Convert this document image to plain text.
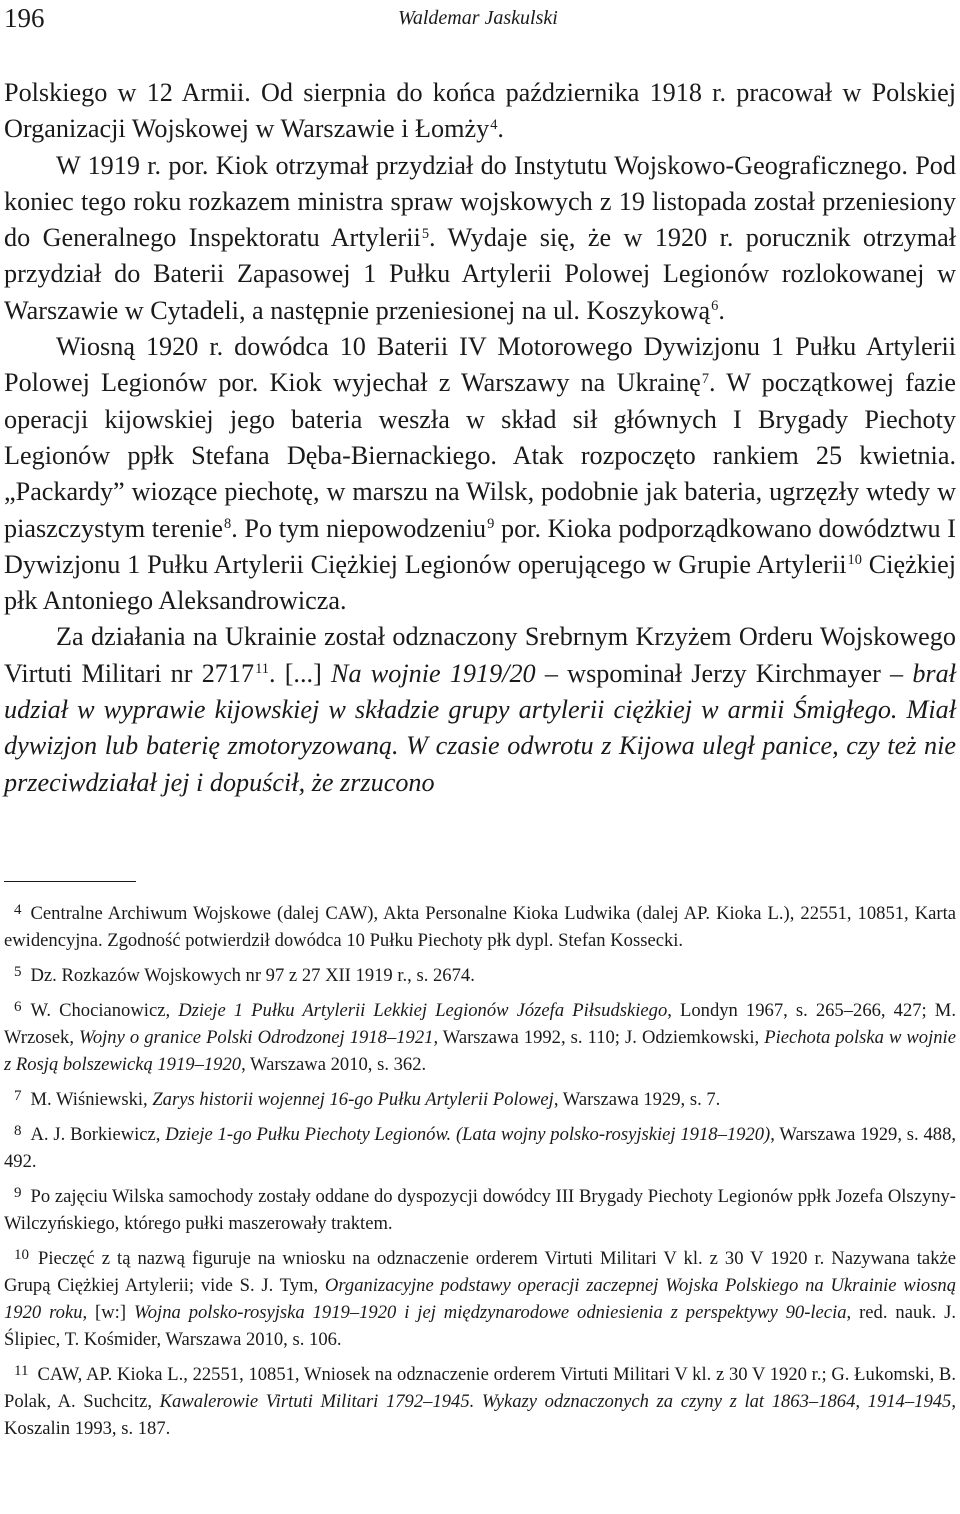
196	Waldemar Jaskulski

Polskiego w 12 Armii. Od sierpnia do końca października 1918 r. pracował w Polskiej Organizacji Wojskowej w Warszawie i Łomży$^4$.

W 1919 r. por. Kiok otrzymał przydział do Instytutu Wojskowo-Geograficznego. Pod koniec tego roku rozkazem ministra spraw wojskowych z 19 listopada został przeniesiony do Generalnego Inspektoratu Artylerii$^5$. Wydaje się, że w 1920 r. porucznik otrzymał przydział do Baterii Zapasowej 1 Pułku Artylerii Polowej Legionów rozlokowanej w Warszawie w Cytadeli, a następnie przeniesionej na ul. Koszykową$^6$.

Wiosną 1920 r. dowódca 10 Baterii IV Motorowego Dywizjonu 1 Pułku Artylerii Polowej Legionów por. Kiok wyjechał z Warszawy na Ukrainę$^7$. W początkowej fazie operacji kijowskiej jego bateria weszła w skład sił głównych I Brygady Piechoty Legionów ppłk Stefana Dęba-Biernackiego. Atak rozpoczęto rankiem 25 kwietnia. „Packardy” wiozące piechotę, w marszu na Wilsk, podobnie jak bateria, ugrzęzły wtedy w piaszczystym terenie$^8$. Po tym niepowodzeniu$^9$ por. Kioka podporządkowano dowództwu I Dywizjonu 1 Pułku Artylerii Ciężkiej Legionów operującego w Grupie Artylerii$^{10}$ Ciężkiej płk Antoniego Aleksandrowicza.

Za działania na Ukrainie został odznaczony Srebrnym Krzyżem Orderu Wojskowego Virtuti Militari nr 2717$^{11}$. [...] Na wojnie 1919/20 – wspominał Jerzy Kirchmayer – brał udział w wyprawie kijowskiej w składzie grupy artylerii ciężkiej w armii Śmigłego. Miał dywizjon lub baterię zmotoryzowaną. W czasie odwrotu z Kijowa uległ panice, czy też nie przeciwdziałał jej i dopuścił, że zrzucono

$^4$ Centralne Archiwum Wojskowe (dalej CAW), Akta Personalne Kioka Ludwika (dalej AP. Kioka L.), 22551, 10851, Karta ewidencyjna. Zgodność potwierdził dowódca 10 Pułku Piechoty płk dypl. Stefan Kossecki.

$^5$ Dz. Rozkazów Wojskowych nr 97 z 27 XII 1919 r., s. 2674.

$^6$ W. Chocianowicz, Dzieje 1 Pułku Artylerii Lekkiej Legionów Józefa Piłsudskiego, Londyn 1967, s. 265–266, 427; M. Wrzosek, Wojny o granice Polski Odrodzonej 1918–1921, Warszawa 1992, s. 110; J. Odziemkowski, Piechota polska w wojnie z Rosją bolszewicką 1919–1920, Warszawa 2010, s. 362.

$^7$ M. Wiśniewski, Zarys historii wojennej 16-go Pułku Artylerii Polowej, Warszawa 1929, s. 7.

$^8$ A. J. Borkiewicz, Dzieje 1-go Pułku Piechoty Legionów. (Lata wojny polsko-rosyjskiej 1918–1920), Warszawa 1929, s. 488, 492.

$^9$ Po zajęciu Wilska samochody zostały oddane do dyspozycji dowódcy III Brygady Piechoty Legionów ppłk Jozefa Olszyny-Wilczyńskiego, którego pułki maszerowały traktem.

$^{10}$ Pieczęć z tą nazwą figuruje na wniosku na odznaczenie orderem Virtuti Militari V kl. z 30 V 1920 r. Nazywana także Grupą Ciężkiej Artylerii; vide S. J. Tym, Organizacyjne podstawy operacji zaczepnej Wojska Polskiego na Ukrainie wiosną 1920 roku, [w:] Wojna polsko-rosyjska 1919–1920 i jej międzynarodowe odniesienia z perspektywy 90-lecia, red. nauk. J. Ślipiec, T. Kośmider, Warszawa 2010, s. 106.

$^{11}$ CAW, AP. Kioka L., 22551, 10851, Wniosek na odznaczenie orderem Virtuti Militari V kl. z 30 V 1920 r.; G. Łukomski, B. Polak, A. Suchcitz, Kawalerowie Virtuti Militari 1792–1945. Wykazy odznaczonych za czyny z lat 1863–1864, 1914–1945, Koszalin 1993, s. 187.
